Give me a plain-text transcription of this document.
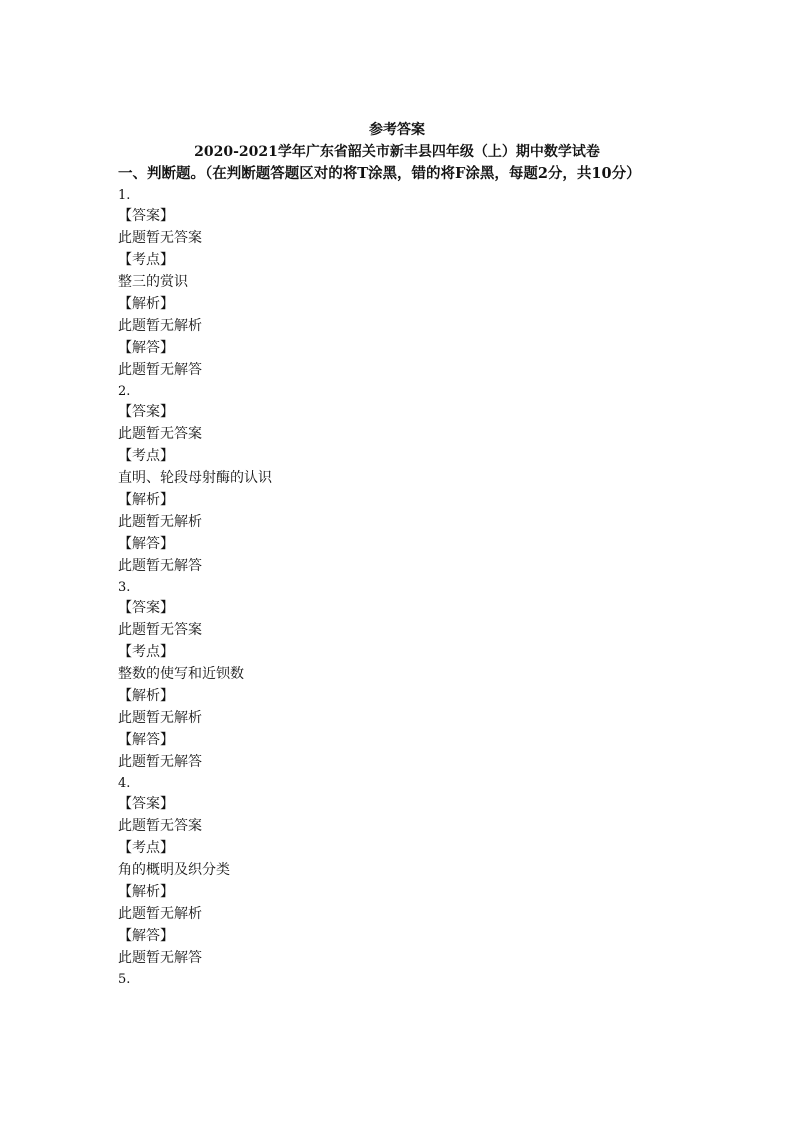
参考答案
2020-2021学年广东省韶关市新丰县四年级（上）期中数学试卷
一、判断题。（在判断题答题区对的将T涂黑，错的将F涂黑，每题2分，共10分）
1.
【答案】
此题暂无答案
【考点】
整三的赏识
【解析】
此题暂无解析
【解答】
此题暂无解答
2.
【答案】
此题暂无答案
【考点】
直明、轮段母射酶的认识
【解析】
此题暂无解析
【解答】
此题暂无解答
3.
【答案】
此题暂无答案
【考点】
整数的使写和近钡数
【解析】
此题暂无解析
【解答】
此题暂无解答
4.
【答案】
此题暂无答案
【考点】
角的概明及织分类
【解析】
此题暂无解析
【解答】
此题暂无解答
5.
